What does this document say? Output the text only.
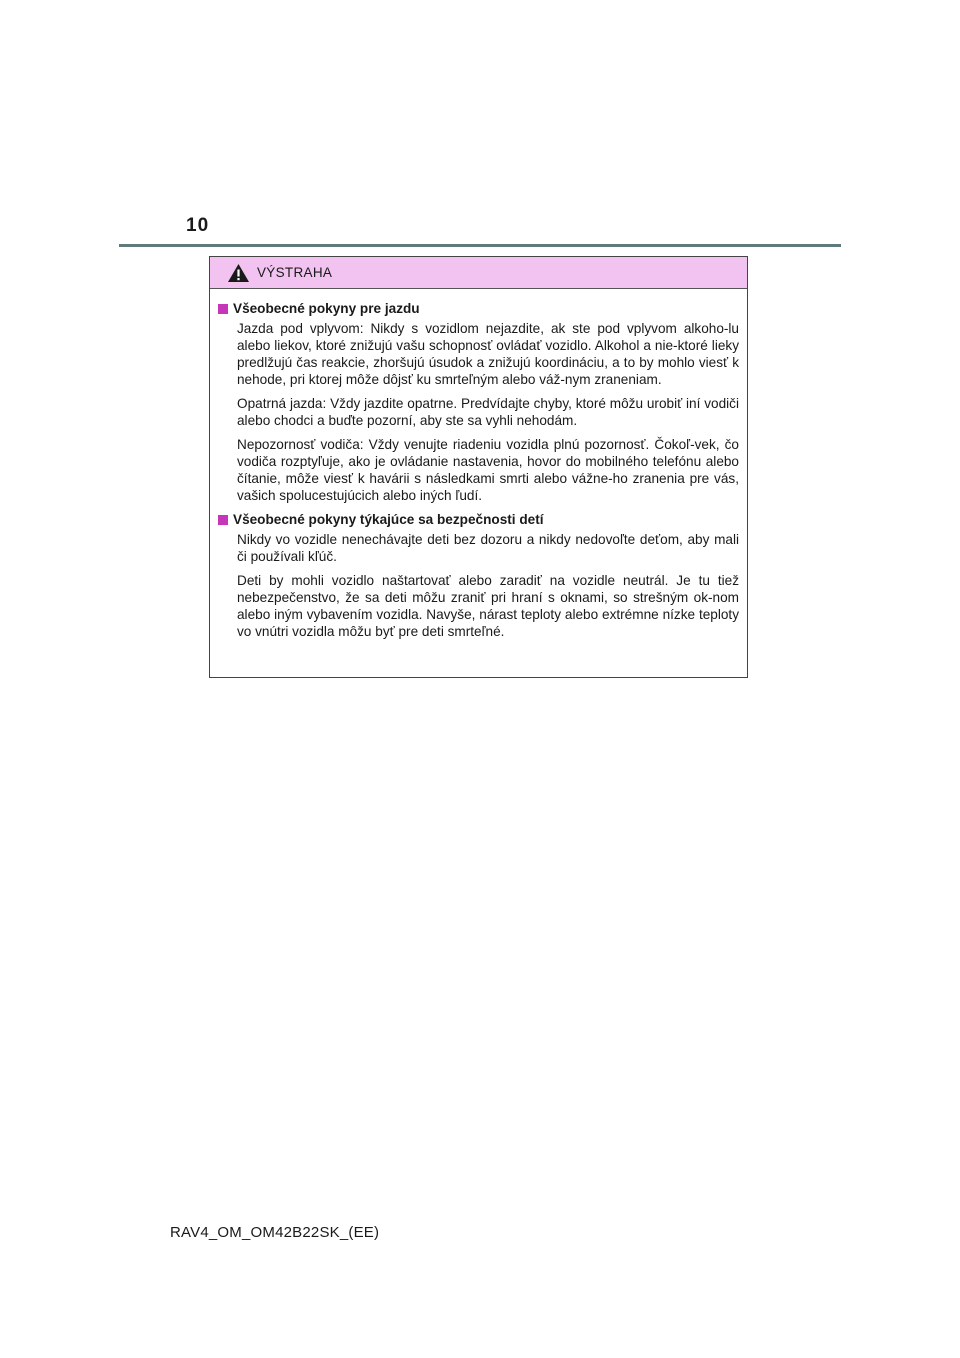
10
VÝSTRAHA
Všeobecné pokyny pre jazdu

Jazda pod vplyvom: Nikdy s vozidlom nejazdite, ak ste pod vplyvom alkoho-lu alebo liekov, ktoré znižujú vašu schopnosť ovládať vozidlo. Alkohol a nie-ktoré lieky predlžujú čas reakcie, zhoršujú úsudok a znižujú koordináciu, a to by mohlo viesť k nehode, pri ktorej môže dôjsť ku smrteľným alebo váž-nym zraneniam.

Opatrná jazda: Vždy jazdite opatrne. Predvídajte chyby, ktoré môžu urobiť iní vodiči alebo chodci a buďte pozorní, aby ste sa vyhli nehodám.

Nepozornosť vodiča: Vždy venujte riadeniu vozidla plnú pozornosť. Čokoľ-vek, čo vodiča rozptyľuje, ako je ovládanie nastavenia, hovor do mobilného telefónu alebo čítanie, môže viesť k havárii s následkami smrti alebo vážne-ho zranenia pre vás, vašich spolucestujúcich alebo iných ľudí.

Všeobecné pokyny týkajúce sa bezpečnosti detí

Nikdy vo vozidle nenechávajte deti bez dozoru a nikdy nedovoľte deťom, aby mali či používali kľúč.

Deti by mohli vozidlo naštartovať alebo zaradiť na vozidle neutrál. Je tu tiež nebezpečenstvo, že sa deti môžu zraniť pri hraní s oknami, so strešným ok-nom alebo iným vybavením vozidla. Navyše, nárast teploty alebo extrémne nízke teploty vo vnútri vozidla môžu byť pre deti smrteľné.

RAV4_OM_OM42B22SK_(EE)
